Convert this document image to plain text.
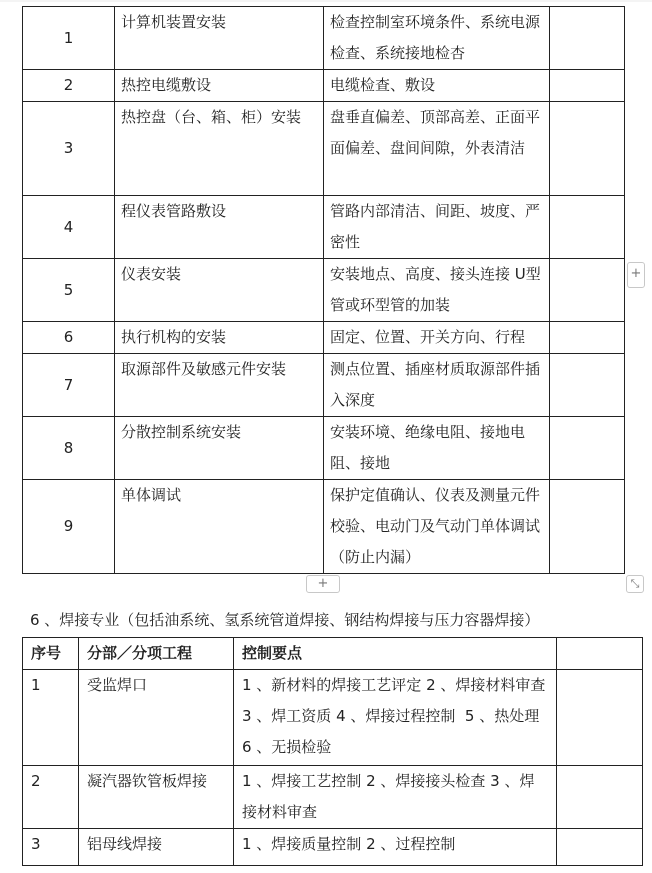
1	计算机装置安装	检查控制室环境条件、系统电源检查、系统接地检杏	
2	热控电缆敷设	电缆检查、敷设	
3	热控盘（台、箱、柜）安装	盘垂直偏差、顶部高差、正面平面偏差、盘间间隙，外表清洁	
4	程仪表管路敷设	管路内部清洁、间距、坡度、严密性	
5	仪表安装	安装地点、高度、接头连接 U型管或环型管的加装	
6	执行机构的安装	固定、位置、开关方向、行程	
7	取源部件及敏感元件安装	测点位置、插座材质取源部件插入深度	
8	分散控制系统安装	安装环境、绝缘电阻、接地电阻、接地	
9	单体调试	保护定值确认、仪表及测量元件校验、电动门及气动门单体调试（防止内漏）	
+
+	⤡
6 、焊接专业（包括油系统、氢系统管道焊接、钢结构焊接与压力容器焊接）
序号	分部／分项工程	控制要点	
1	受监焊口	1 、新材料的焊接工艺评定 2 、焊接材料审查 3 、焊工资质 4 、焊接过程控制  5 、热处理 6 、无损检验	
2	凝汽器钦管板焊接	1 、焊接工艺控制 2 、焊接接头检查 3 、焊接材料审查	
3	铝母线焊接	1 、焊接质量控制 2 、过程控制	
